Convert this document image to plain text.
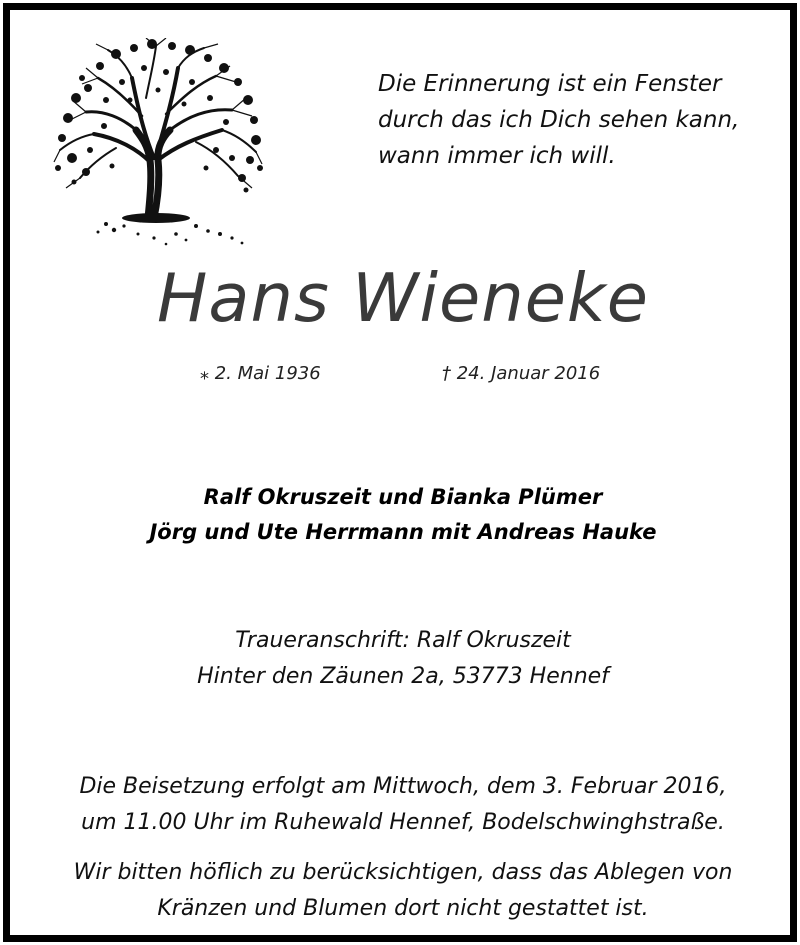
Die Erinnerung ist ein Fenster
durch das ich Dich sehen kann,
wann immer ich will.
Hans Wieneke
⁎ 2. Mai 1936	† 24. Januar 2016
Ralf Okruszeit und Bianka Plümer
Jörg und Ute Herrmann mit Andreas Hauke
Traueranschrift: Ralf Okruszeit
Hinter den Zäunen 2a, 53773 Hennef
Die Beisetzung erfolgt am Mittwoch, dem 3. Februar 2016,
um 11.00 Uhr im Ruhewald Hennef, Bodelschwinghstraße.
Wir bitten höflich zu berücksichtigen, dass das Ablegen von
Kränzen und Blumen dort nicht gestattet ist.
